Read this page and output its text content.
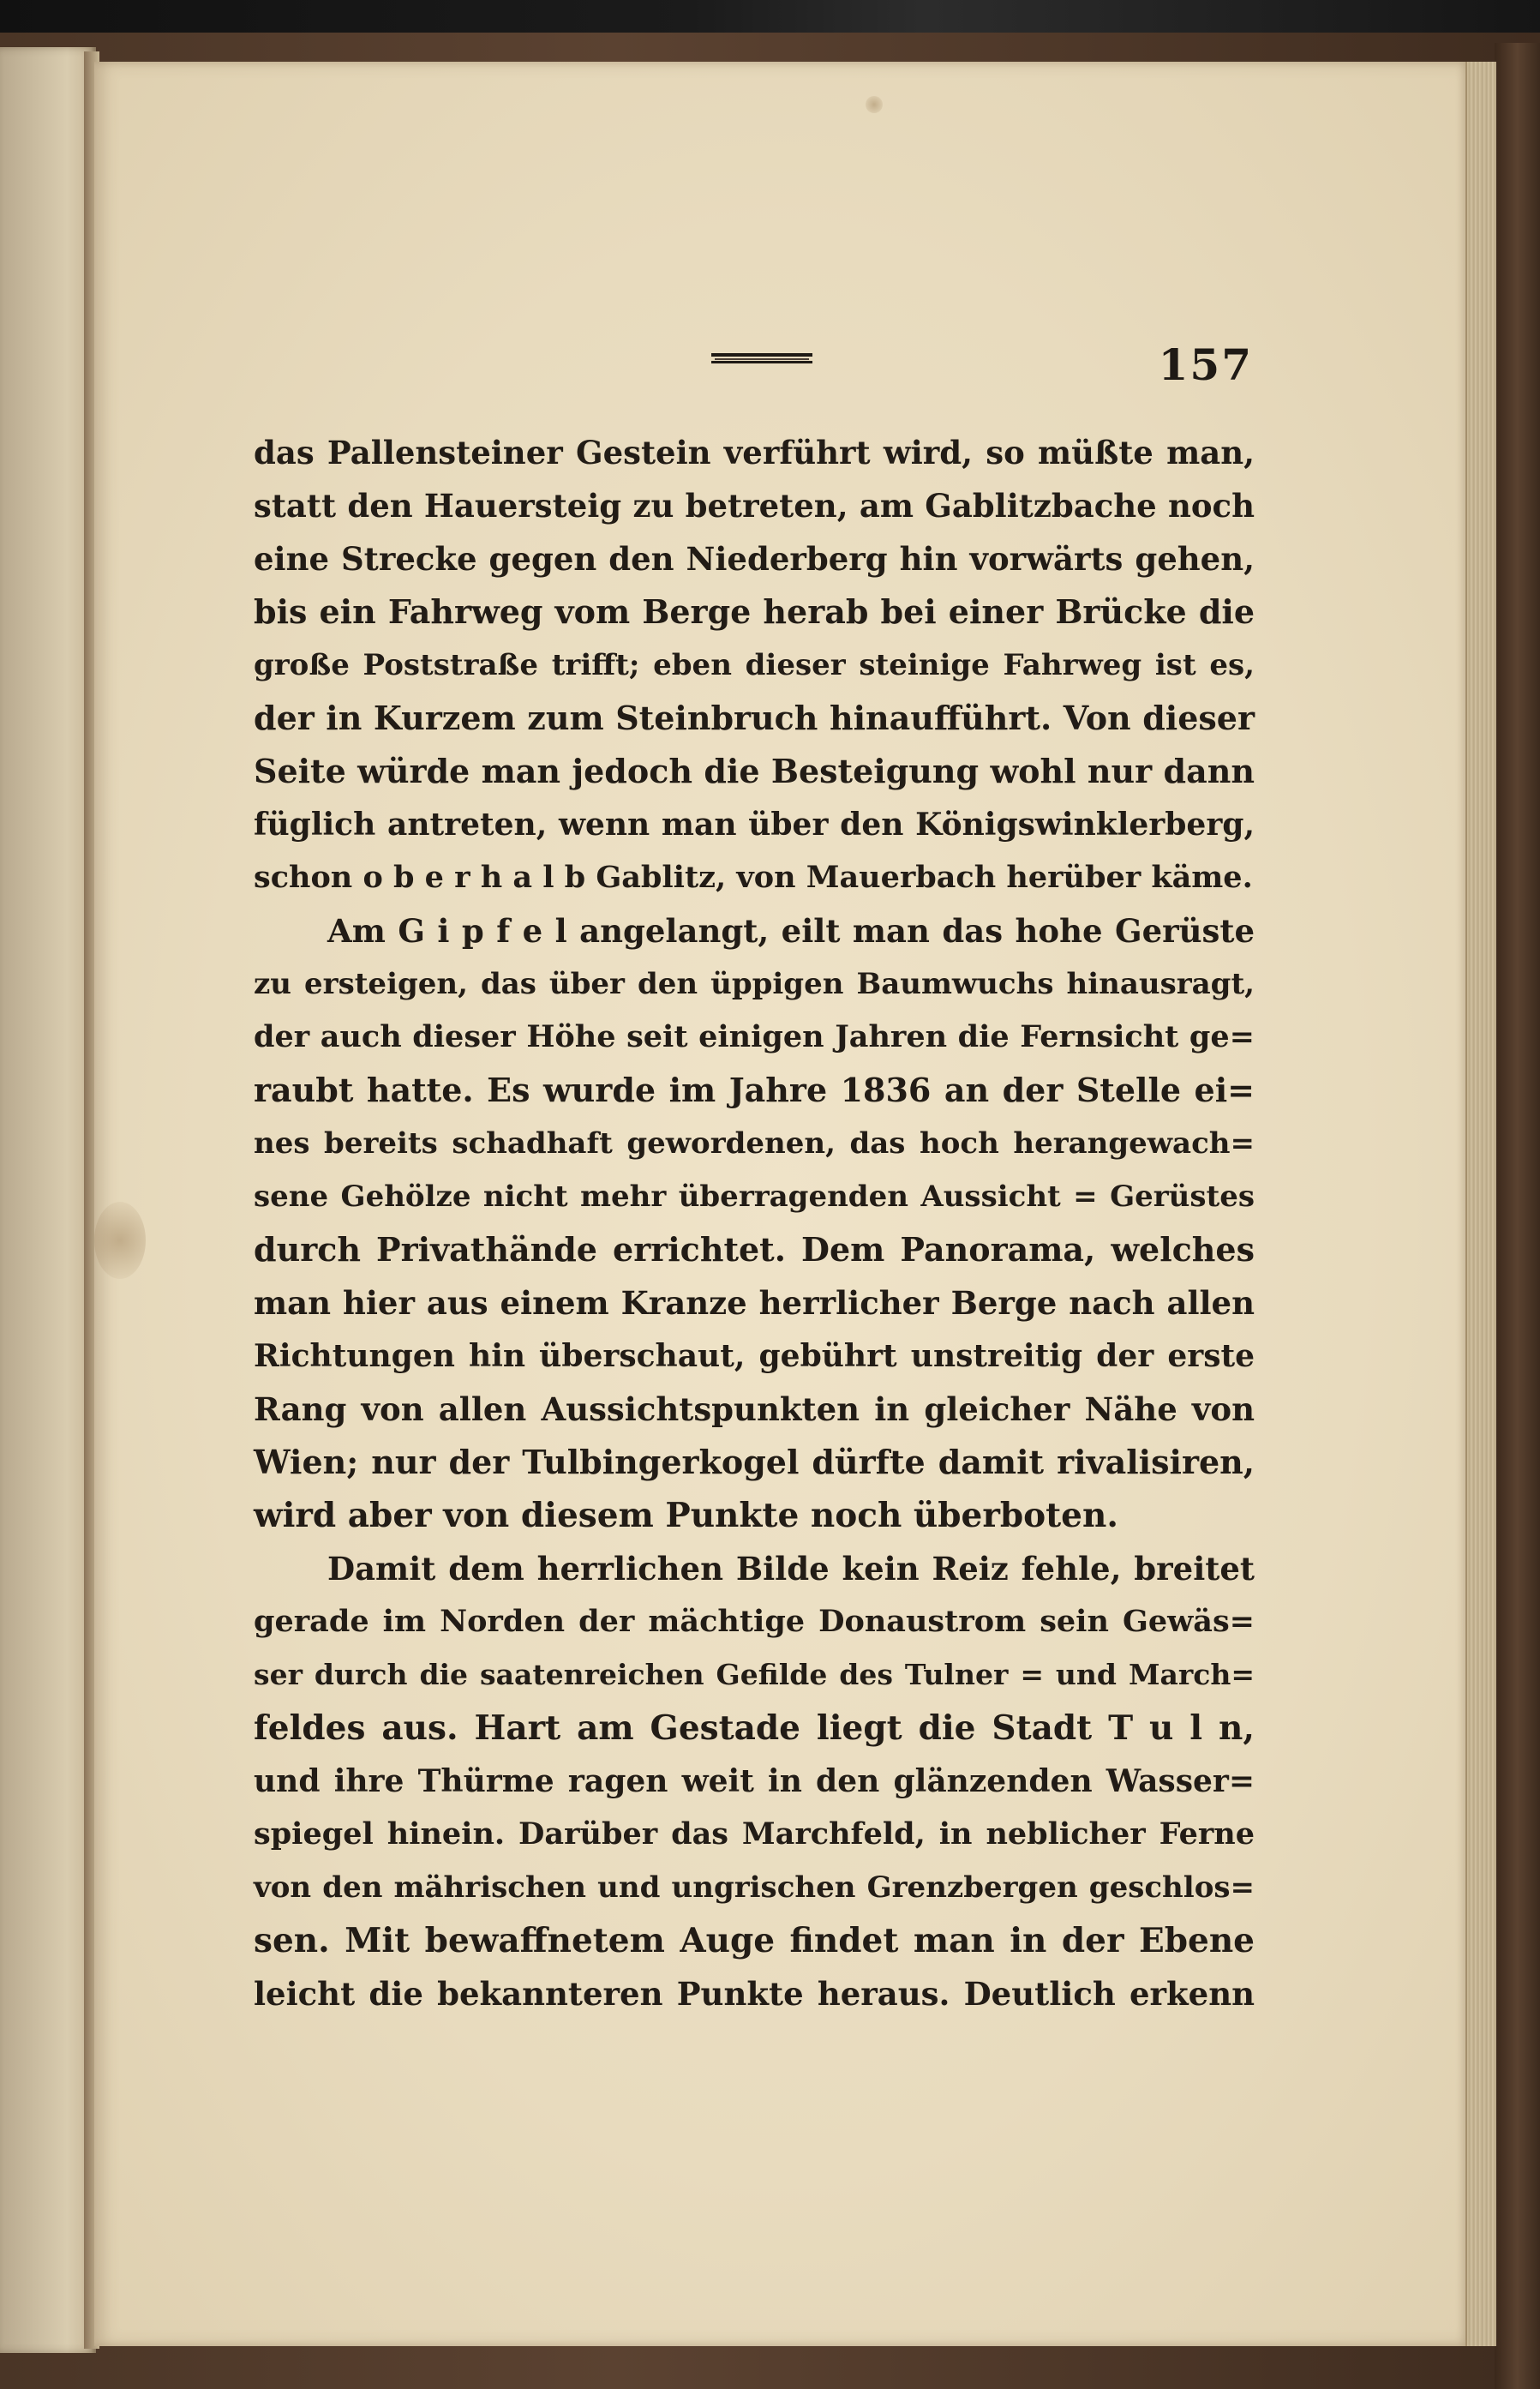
157
das Pallensteiner Gestein verführt wird, so müßte man,
statt den Hauersteig zu betreten, am Gablitzbache noch
eine Strecke gegen den Niederberg hin vorwärts gehen,
bis ein Fahrweg vom Berge herab bei einer Brücke die
große Poststraße trifft; eben dieser steinige Fahrweg ist es,
der in Kurzem zum Steinbruch hinaufführt. Von dieser
Seite würde man jedoch die Besteigung wohl nur dann
füglich antreten, wenn man über den Königswinklerberg,
schon o b e r h a l b Gablitz, von Mauerbach herüber käme.
Am G i p f e l angelangt, eilt man das hohe Gerüste
zu ersteigen, das über den üppigen Baumwuchs hinausragt,
der auch dieser Höhe seit einigen Jahren die Fernsicht ge=
raubt hatte. Es wurde im Jahre 1836 an der Stelle ei=
nes bereits schadhaft gewordenen, das hoch herangewach=
sene Gehölze nicht mehr überragenden Aussicht = Gerüstes
durch Privathände errichtet. Dem Panorama, welches
man hier aus einem Kranze herrlicher Berge nach allen
Richtungen hin überschaut, gebührt unstreitig der erste
Rang von allen Aussichtspunkten in gleicher Nähe von
Wien; nur der Tulbingerkogel dürfte damit rivalisiren,
wird aber von diesem Punkte noch überboten.
Damit dem herrlichen Bilde kein Reiz fehle, breitet
gerade im Norden der mächtige Donaustrom sein Gewäs=
ser durch die saatenreichen Gefilde des Tulner = und March=
feldes aus. Hart am Gestade liegt die Stadt T u l n,
und ihre Thürme ragen weit in den glänzenden Wasser=
spiegel hinein. Darüber das Marchfeld, in neblicher Ferne
von den mährischen und ungrischen Grenzbergen geschlos=
sen. Mit bewaffnetem Auge findet man in der Ebene
leicht die bekannteren Punkte heraus. Deutlich erkenn
